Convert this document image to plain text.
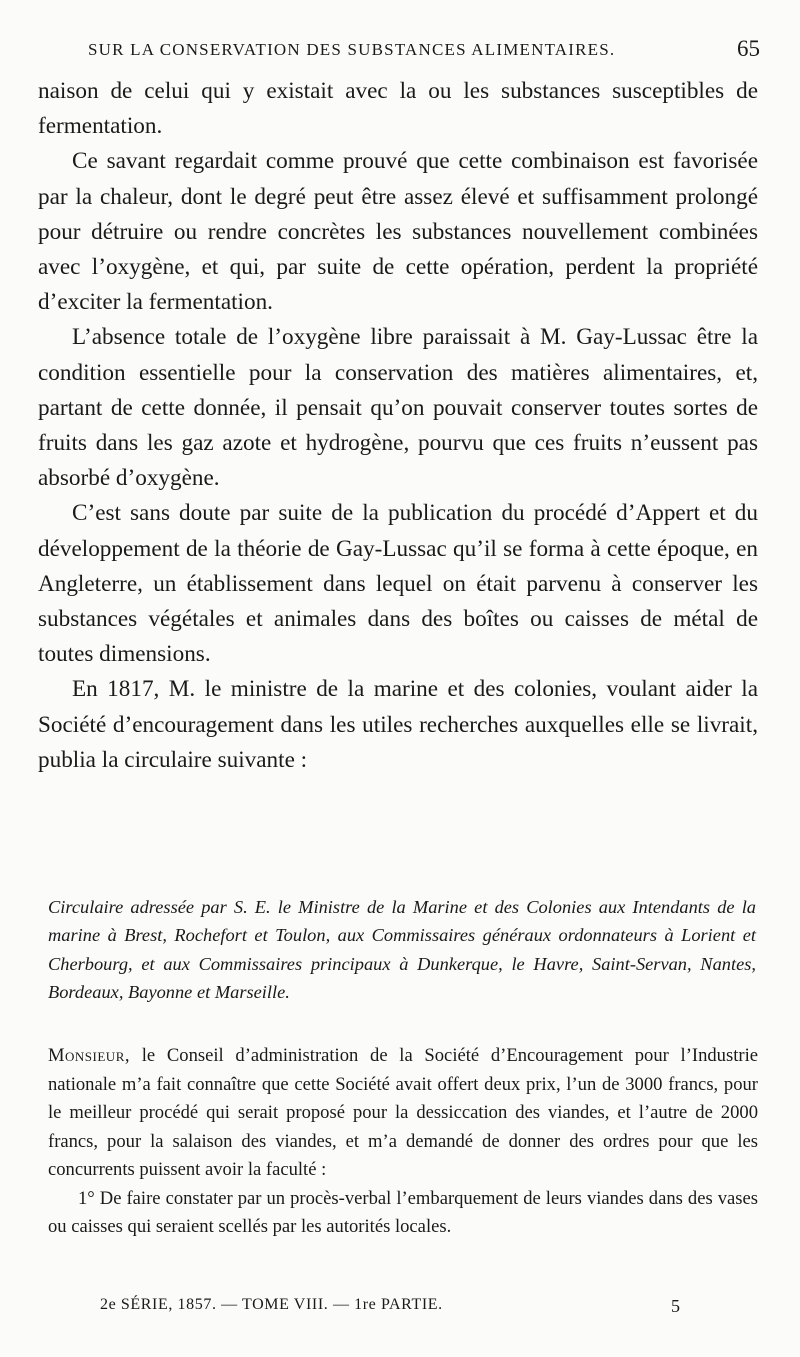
SUR LA CONSERVATION DES SUBSTANCES ALIMENTAIRES.	65

naison de celui qui y existait avec la ou les substances susceptibles de fermentation.

Ce savant regardait comme prouvé que cette combinaison est favorisée par la chaleur, dont le degré peut être assez élevé et suffisamment prolongé pour détruire ou rendre concrètes les substances nouvellement combinées avec l’oxygène, et qui, par suite de cette opération, perdent la propriété d’exciter la fermentation.

L’absence totale de l’oxygène libre paraissait à M. Gay-Lussac être la condition essentielle pour la conservation des matières alimentaires, et, partant de cette donnée, il pensait qu’on pouvait conserver toutes sortes de fruits dans les gaz azote et hydrogène, pourvu que ces fruits n’eussent pas absorbé d’oxygène.

C’est sans doute par suite de la publication du procédé d’Appert et du développement de la théorie de Gay-Lussac qu’il se forma à cette époque, en Angleterre, un établissement dans lequel on était parvenu à conserver les substances végétales et animales dans des boîtes ou caisses de métal de toutes dimensions.

En 1817, M. le ministre de la marine et des colonies, voulant aider la Société d’encouragement dans les utiles recherches auxquelles elle se livrait, publia la circulaire suivante :

Circulaire adressée par S. E. le Ministre de la Marine et des Colonies aux Intendants de la marine à Brest, Rochefort et Toulon, aux Commissaires généraux ordonnateurs à Lorient et Cherbourg, et aux Commissaires principaux à Dunkerque, le Havre, Saint-Servan, Nantes, Bordeaux, Bayonne et Marseille.

Monsieur, le Conseil d’administration de la Société d’Encouragement pour l’Industrie nationale m’a fait connaître que cette Société avait offert deux prix, l’un de 3000 francs, pour le meilleur procédé qui serait proposé pour la dessiccation des viandes, et l’autre de 2000 francs, pour la salaison des viandes, et m’a demandé de donner des ordres pour que les concurrents puissent avoir la faculté :

1° De faire constater par un procès-verbal l’embarquement de leurs viandes dans des vases ou caisses qui seraient scellés par les autorités locales.

2e SÉRIE, 1857. — TOME VIII. — 1re PARTIE.	5
